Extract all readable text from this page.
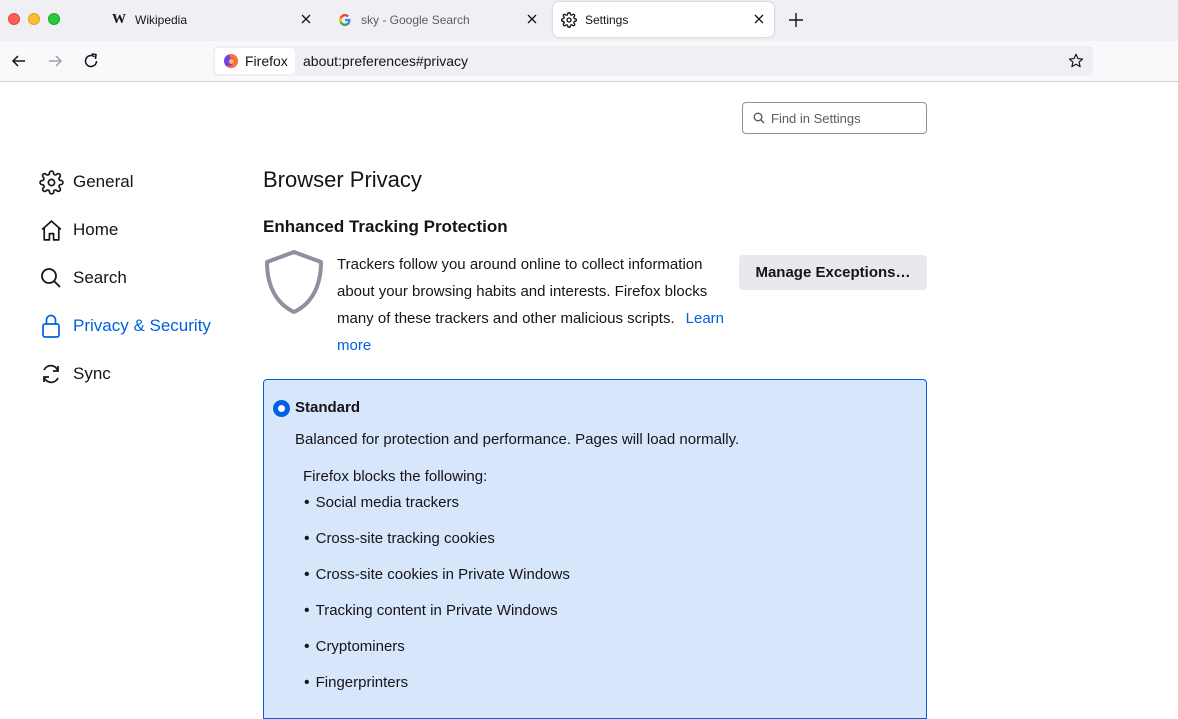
W Wikipedia	sky - Google Search	Settings
Firefox about:preferences#privacy
Find in Settings
General
Home
Search
Privacy & Security
Sync
Browser Privacy
Enhanced Tracking Protection

Trackers follow you around online to collect information about your browsing habits and interests. Firefox blocks many of these trackers and other malicious scripts. Learn more

Manage Exceptions…
Standard
Balanced for protection and performance. Pages will load normally.
Firefox blocks the following:
• Social media trackers
• Cross-site tracking cookies
• Cross-site cookies in Private Windows
• Tracking content in Private Windows
• Cryptominers
• Fingerprinters
